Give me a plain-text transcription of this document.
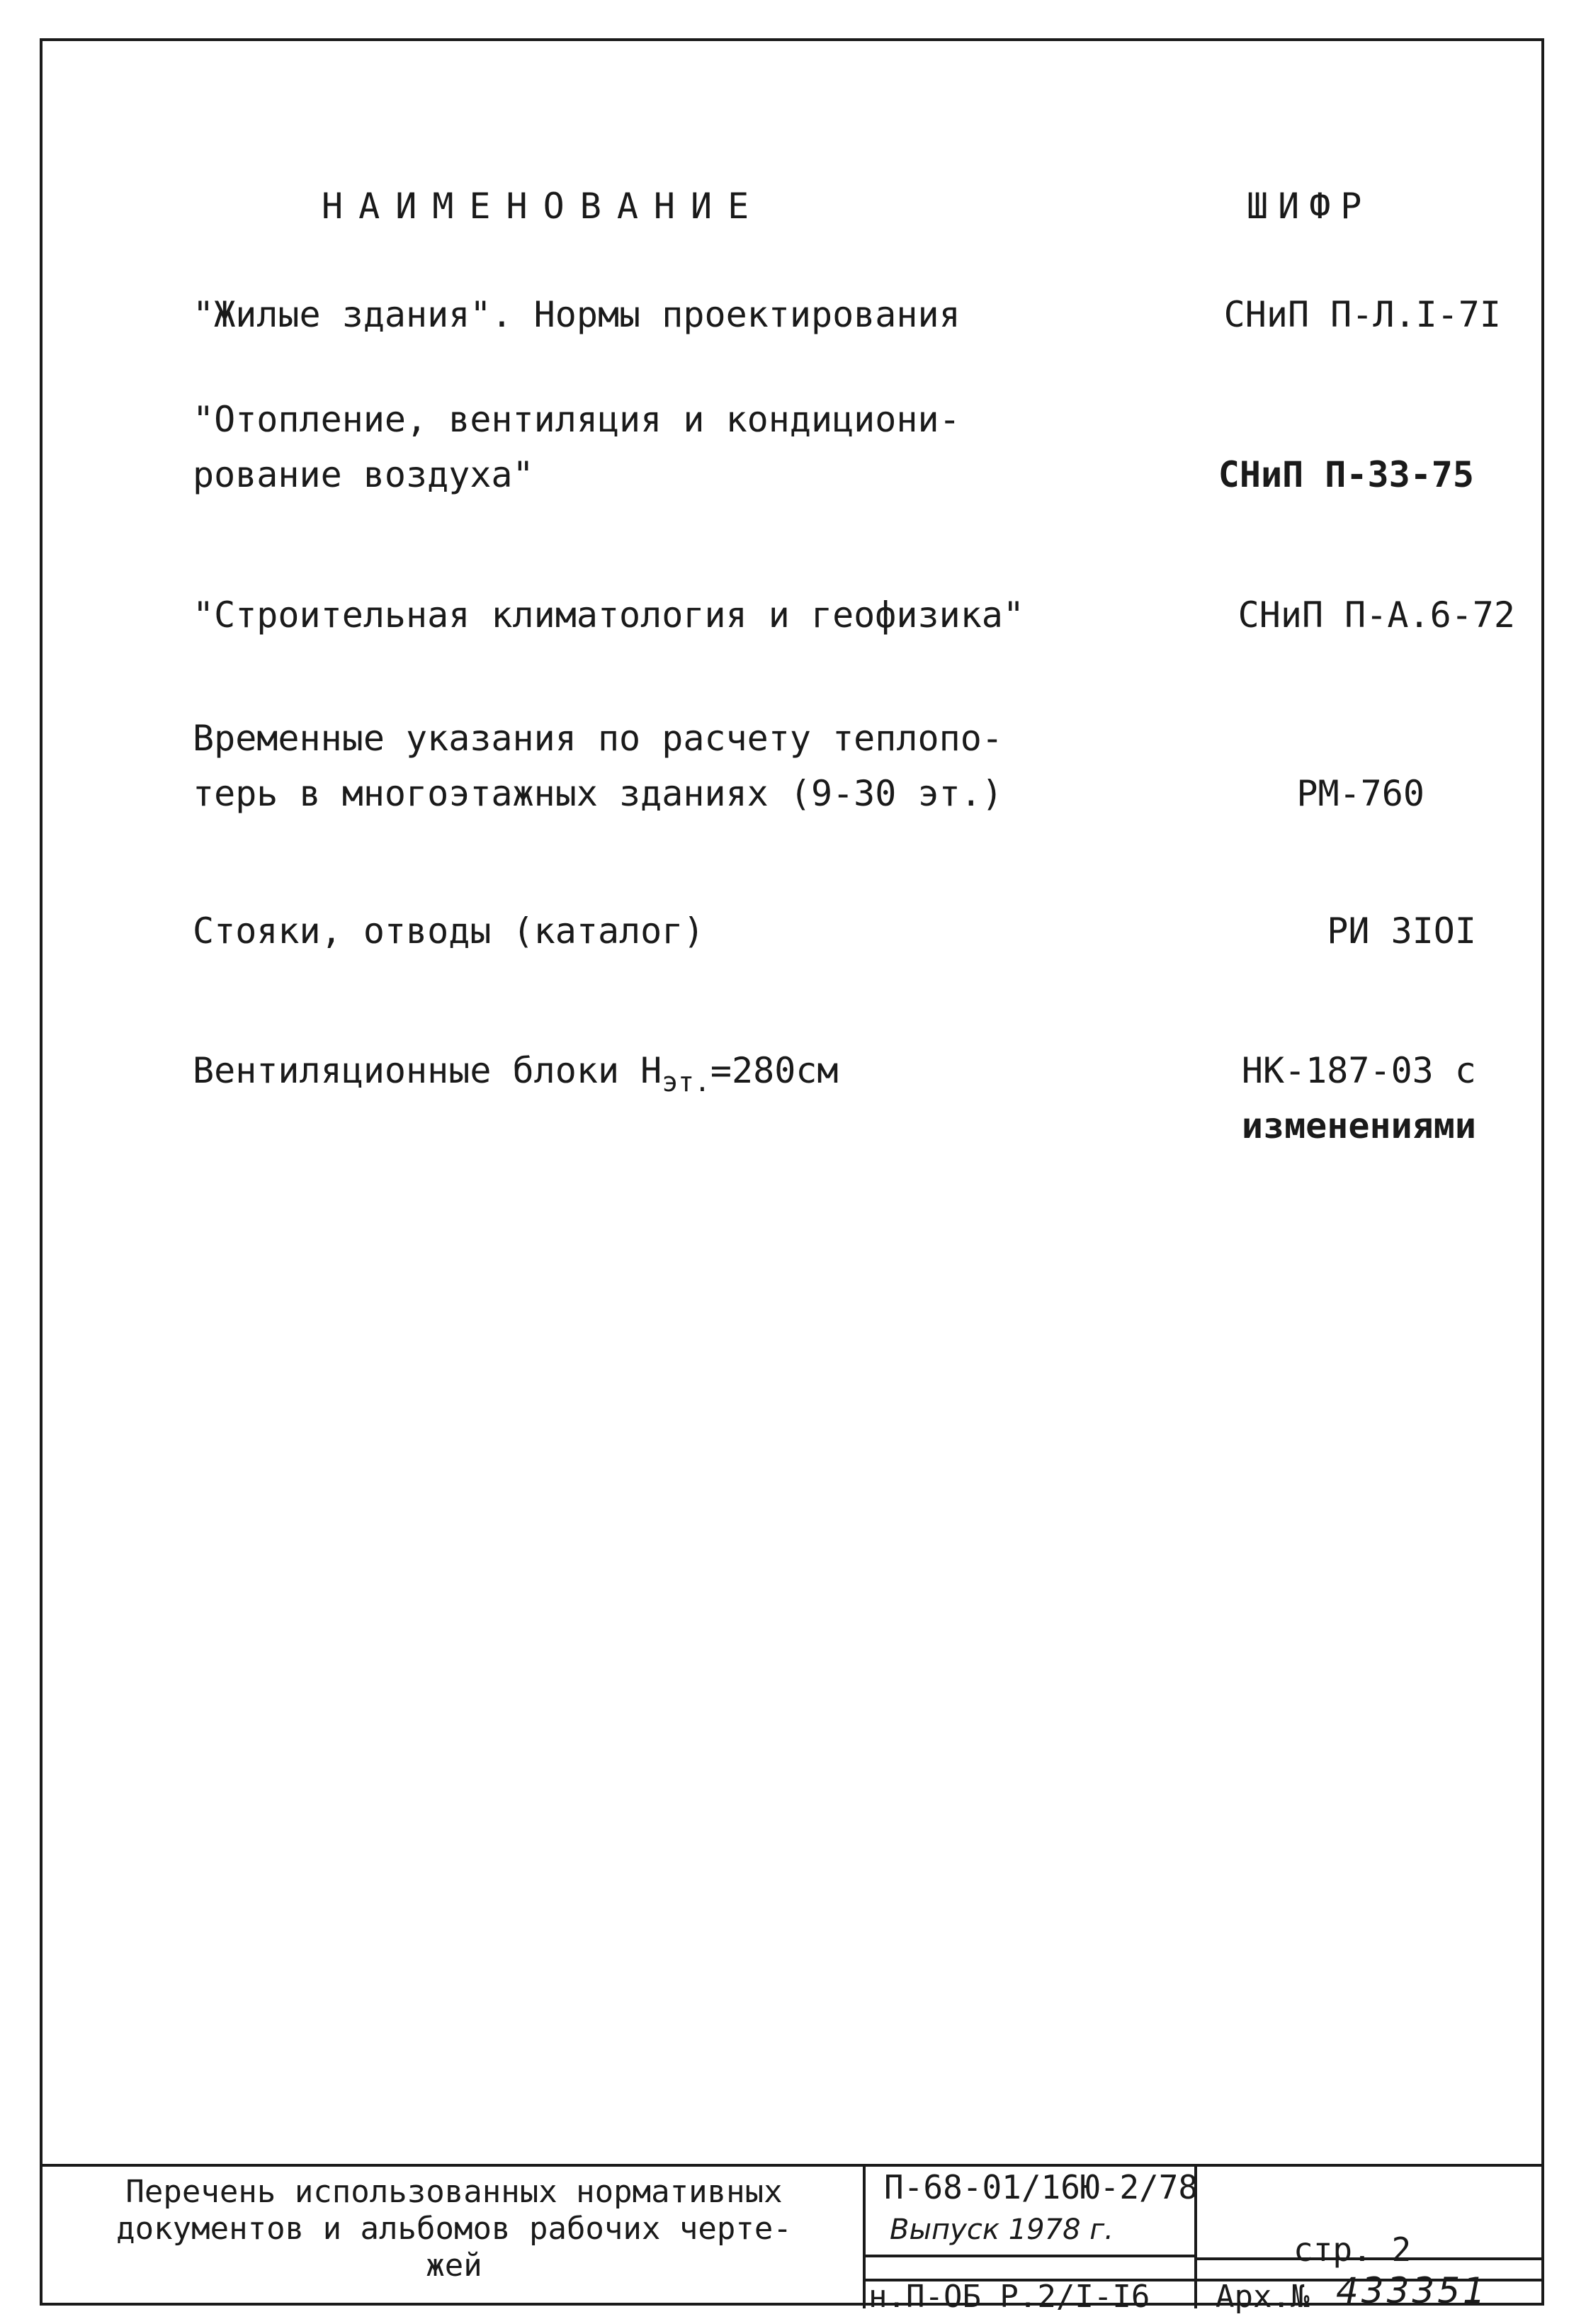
НАИМЕНОВАНИЕ	ШИФР
"Жилые здания". Нормы проектирования	СНиП П-Л.I-7I
"Отопление, вентиляция и кондициони-
рование воздуха"	СНиП П-33-75
"Строительная климатология и геофизика"	СНиП П-А.6-72
Временные указания по расчету теплопо-
терь в многоэтажных зданиях (9-30 эт.)	РМ-760
Стояки, отводы (каталог)	РИ 3IOI
Вентиляционные блоки $Н_{эт.}=280см$	НК-187-03 с
изменениями
Перечень использованных нормативных
документов и альбомов рабочих черте-
жей
П-68-01/16Ю-2/78
Выпуск 1978 г.
н.П-ОБ Р.2/I-I6
стр. 2
Арх.№ 433351
